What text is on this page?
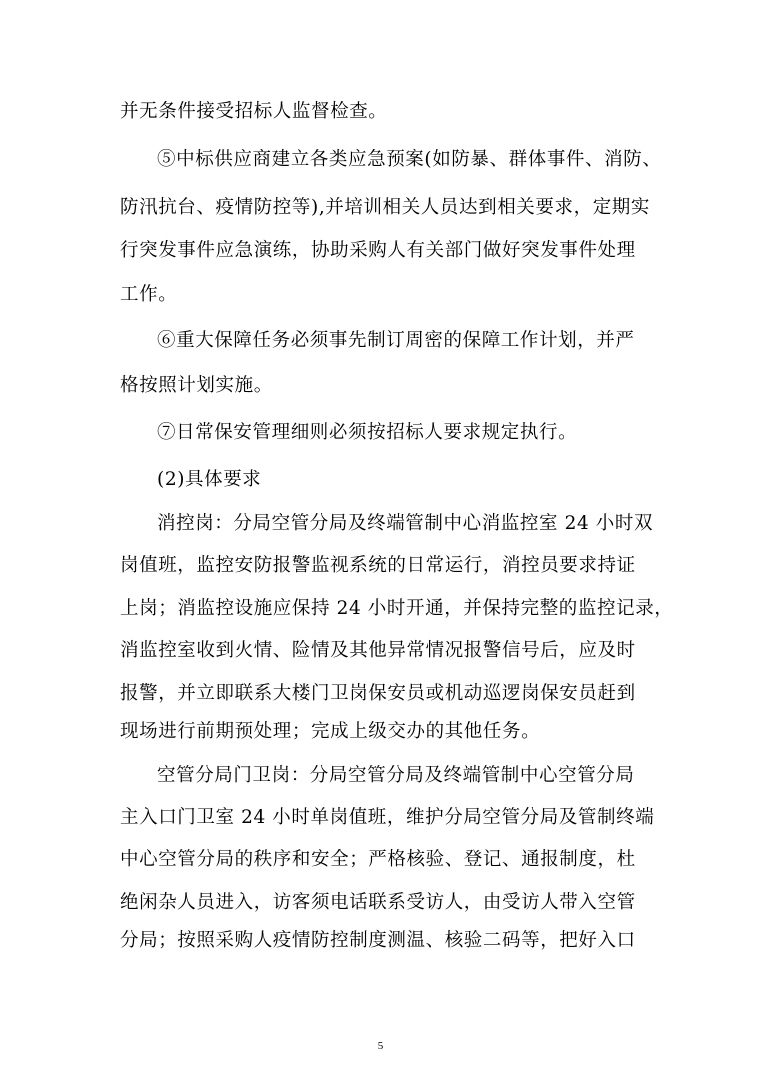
并无条件接受招标人监督检查。
⑤中标供应商建立各类应急预案(如防暴、群体事件、消防、
防汛抗台、疫情防控等),并培训相关人员达到相关要求，定期实
行突发事件应急演练，协助采购人有关部门做好突发事件处理
工作。
⑥重大保障任务必须事先制订周密的保障工作计划，并严
格按照计划实施。
⑦日常保安管理细则必须按招标人要求规定执行。
(2)具体要求
消控岗：分局空管分局及终端管制中心消监控室 24 小时双
岗值班，监控安防报警监视系统的日常运行，消控员要求持证
上岗；消监控设施应保持 24 小时开通，并保持完整的监控记录，
消监控室收到火情、险情及其他异常情况报警信号后，应及时
报警，并立即联系大楼门卫岗保安员或机动巡逻岗保安员赶到
现场进行前期预处理；完成上级交办的其他任务。
空管分局门卫岗：分局空管分局及终端管制中心空管分局
主入口门卫室 24 小时单岗值班，维护分局空管分局及管制终端
中心空管分局的秩序和安全；严格核验、登记、通报制度，杜
绝闲杂人员进入，访客须电话联系受访人，由受访人带入空管
分局；按照采购人疫情防控制度测温、核验二码等，把好入口
5
